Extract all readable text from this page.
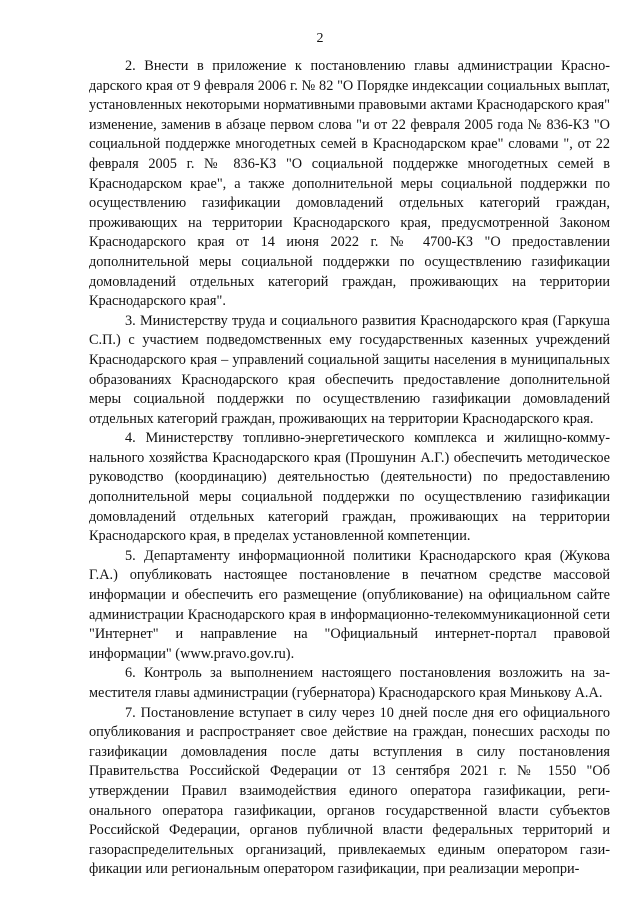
2

2. Внести в приложение к постановлению главы администрации Краснодарского края от 9 февраля 2006 г. № 82 "О Порядке индексации социальных выплат, установленных некоторыми нормативными правовыми актами Краснодарского края" изменение, заменив в абзаце первом слова "и от 22 февраля 2005 года № 836-КЗ "О социальной поддержке многодетных семей в Краснодарском крае" словами ", от 22 февраля 2005 г. № 836-КЗ "О социальной поддержке многодетных семей в Краснодарском крае", а также дополнительной меры социальной поддержки по осуществлению газификации домовладений отдельных категорий граждан, проживающих на территории Краснодарского края, предусмотренной Законом Краснодарского края от 14 июня 2022 г. № 4700-КЗ "О предоставлении дополнительной меры социальной поддержки по осуществлению газификации домовладений отдельных категорий граждан, проживающих на территории Краснодарского края".

3. Министерству труда и социального развития Краснодарского края (Гаркуша С.П.) с участием подведомственных ему государственных казенных учреждений Краснодарского края – управлений социальной защиты населения в муниципальных образованиях Краснодарского края обеспечить предоставление дополнительной меры социальной поддержки по осуществлению газификации домовладений отдельных категорий граждан, проживающих на территории Краснодарского края.

4. Министерству топливно-энергетического комплекса и жилищно-коммунального хозяйства Краснодарского края (Прошунин А.Г.) обеспечить методическое руководство (координацию) деятельностью (деятельности) по предоставлению дополнительной меры социальной поддержки по осуществлению газификации домовладений отдельных категорий граждан, проживающих на территории Краснодарского края, в пределах установленной компетенции.

5. Департаменту информационной политики Краснодарского края (Жукова Г.А.) опубликовать настоящее постановление в печатном средстве массовой информации и обеспечить его размещение (опубликование) на официальном сайте администрации Краснодарского края в информационно-телекоммуникационной сети "Интернет" и направление на "Официальный интернет-портал правовой информации" (www.pravo.gov.ru).

6. Контроль за выполнением настоящего постановления возложить на заместителя главы администрации (губернатора) Краснодарского края Минькову А.А.

7. Постановление вступает в силу через 10 дней после дня его официального опубликования и распространяет свое действие на граждан, понесших расходы по газификации домовладения после даты вступления в силу постановления Правительства Российской Федерации от 13 сентября 2021 г. № 1550 "Об утверждении Правил взаимодействия единого оператора газификации, регионального оператора газификации, органов государственной власти субъектов Российской Федерации, органов публичной власти федеральных территорий и газораспределительных организаций, привлекаемых единым оператором газификации или региональным оператором газификации, при реализации меропри-
